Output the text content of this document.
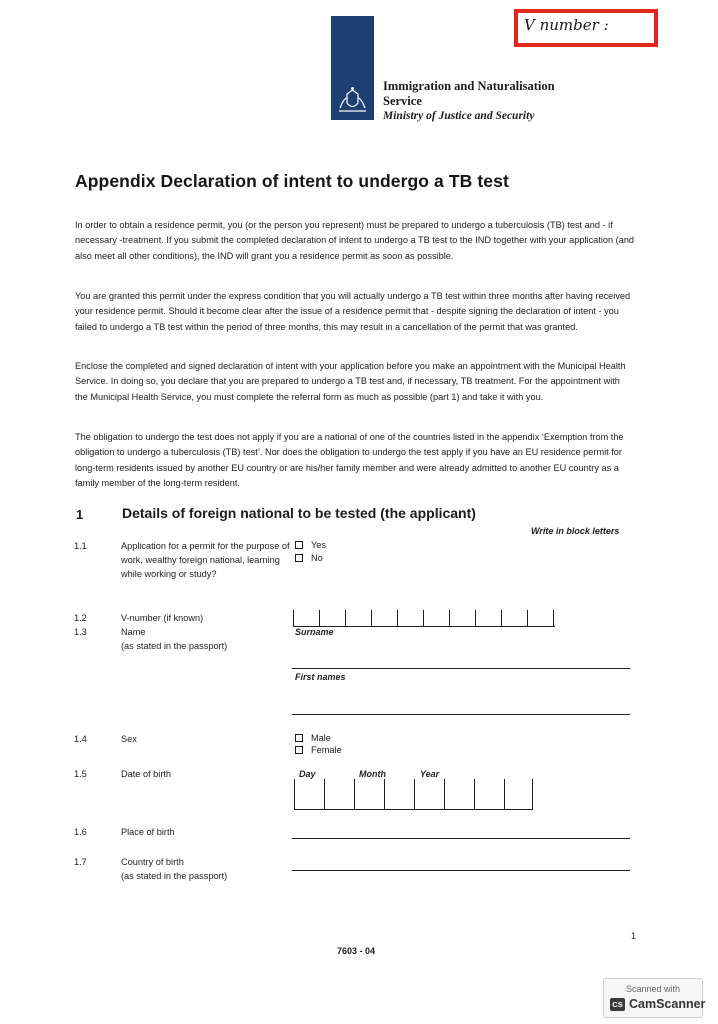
V number :
Immigration and Naturalisation
Service
Ministry of Justice and Security
Appendix Declaration of intent to undergo a TB test

In order to obtain a residence permit, you (or the person you represent) must be prepared to undergo a tuberculosis (TB) test and - if necessary -treatment. If you submit the completed declaration of intent to undergo a TB test to the IND together with your application (and also meet all other conditions), the IND will grant you a residence permit as soon as possible.

You are granted this permit under the express condition that you will actually undergo a TB test within three months after having received your residence permit. Should it become clear after the issue of a residence permit that - despite signing the declaration of intent - you failed to undergo a TB test within the period of three months, this may result in a cancellation of the permit that was granted.

Enclose the completed and signed declaration of intent with your application before you make an appointment with the Municipal Health Service. In doing so, you declare that you are prepared to undergo a TB test and, if necessary, TB treatment. For the appointment with the Municipal Health Service, you must complete the referral form as much as possible (part 1) and take it with you.

The obligation to undergo the test does not apply if you are a national of one of the countries listed in the appendix ‘Exemption from the obligation to undergo a tuberculosis (TB) test’. Nor does the obligation to undergo the test apply if you have an EU residence permit for long-term residents issued by another EU country or are his/her family member and were already admitted to another EU country as a family member of the long-term resident.

1	Details of foreign national to be tested (the applicant)
Write in block letters
1.1	Application for a permit for the purpose of work, wealthy foreign national, learning while working or study?

Yes
No
1.2	V-number (if known)

1.3	Name
(as stated in the passport)

Surname
First names
1.4	Sex	Male
Female
1.5	Date of birth	Day	Month	Year
1.6	Place of birth

1.7	Country of birth
(as stated in the passport)

1
7603 - 04
Scanned with
CS CamScanner
